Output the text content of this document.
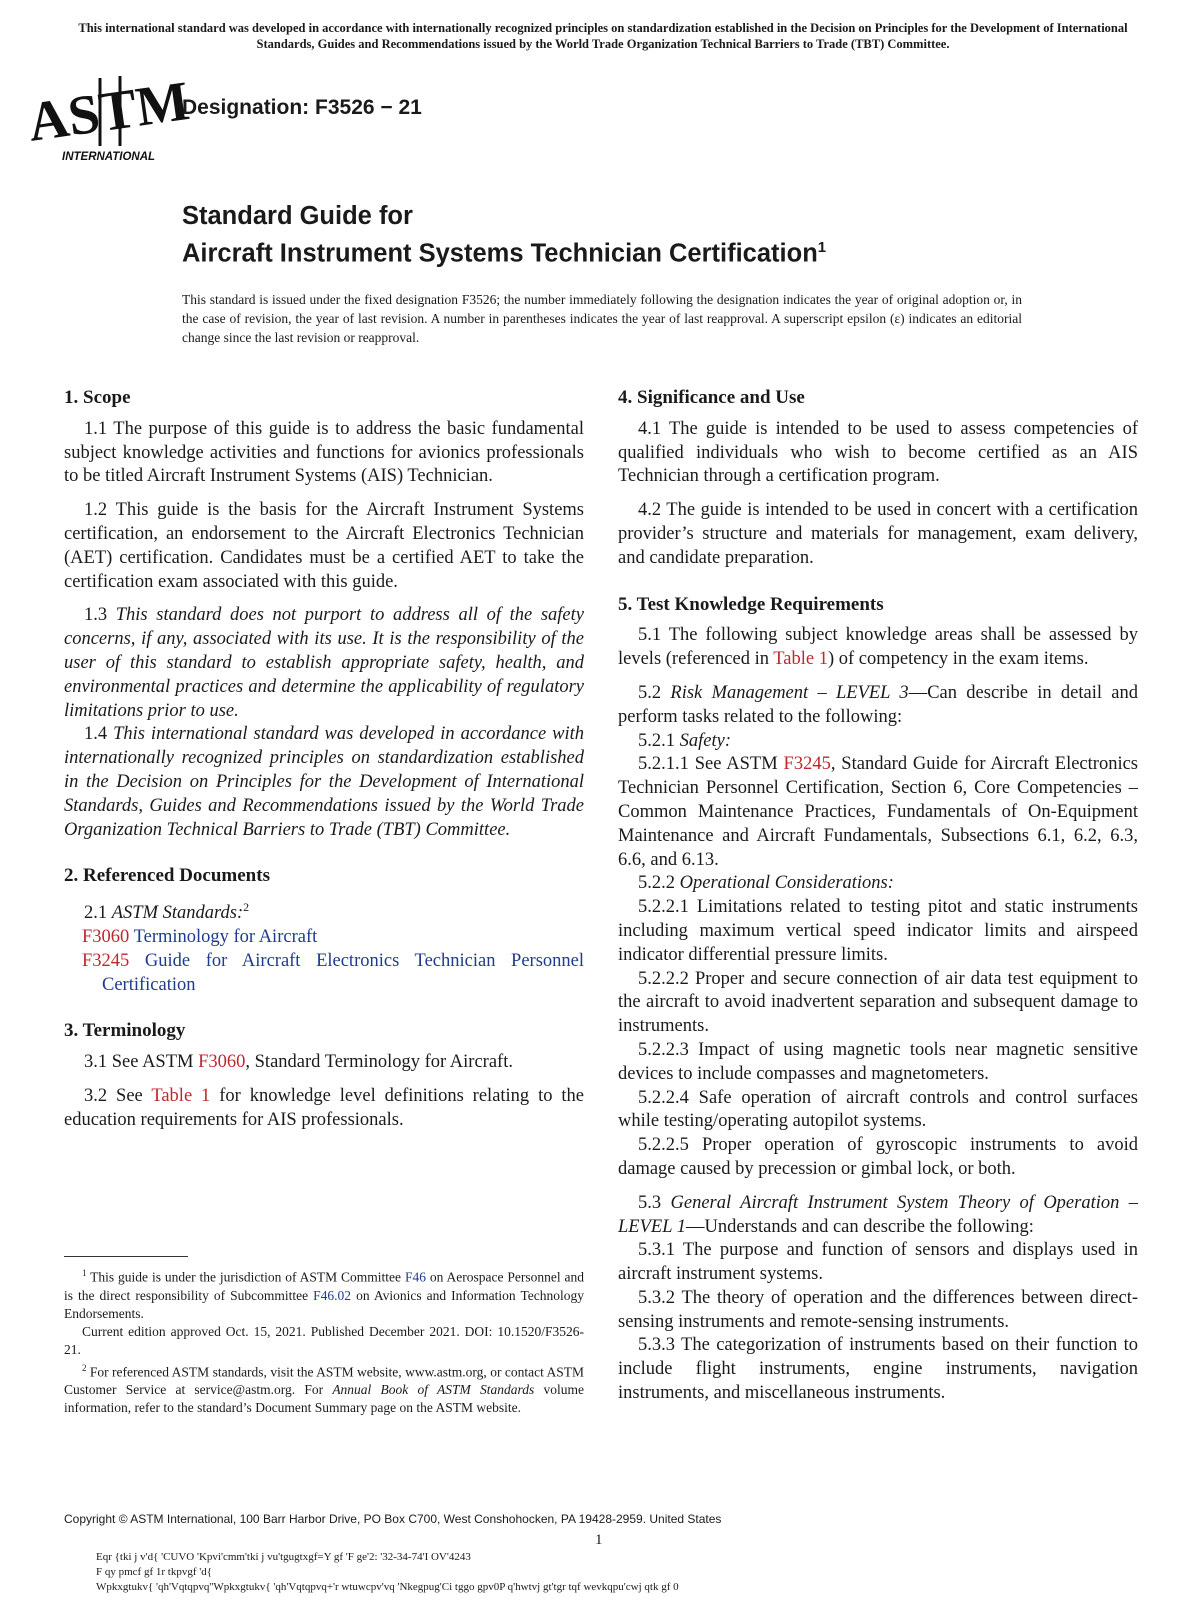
This international standard was developed in accordance with internationally recognized principles on standardization established in the Decision on Principles for the Development of International Standards, Guides and Recommendations issued by the World Trade Organization Technical Barriers to Trade (TBT) Committee.
ASTM
INTERNATIONAL
Designation: F3526 − 21
Standard Guide for
Aircraft Instrument Systems Technician Certification$^1$
This standard is issued under the fixed designation F3526; the number immediately following the designation indicates the year of original adoption or, in the case of revision, the year of last revision. A number in parentheses indicates the year of last reapproval. A superscript epsilon (ε) indicates an editorial change since the last revision or reapproval.
1. Scope

1.1 The purpose of this guide is to address the basic fundamental subject knowledge activities and functions for avionics professionals to be titled Aircraft Instrument Systems (AIS) Technician.

1.2 This guide is the basis for the Aircraft Instrument Systems certification, an endorsement to the Aircraft Electronics Technician (AET) certification. Candidates must be a certified AET to take the certification exam associated with this guide.

1.3 This standard does not purport to address all of the safety concerns, if any, associated with its use. It is the responsibility of the user of this standard to establish appropriate safety, health, and environmental practices and determine the applicability of regulatory limitations prior to use.

1.4 This international standard was developed in accordance with internationally recognized principles on standardization established in the Decision on Principles for the Development of International Standards, Guides and Recommendations issued by the World Trade Organization Technical Barriers to Trade (TBT) Committee.

2. Referenced Documents

2.1 ASTM Standards:$^2$

F3060 Terminology for Aircraft
F3245 Guide for Aircraft Electronics Technician Personnel Certification
3. Terminology

3.1 See ASTM F3060, Standard Terminology for Aircraft.

3.2 See Table 1 for knowledge level definitions relating to the education requirements for AIS professionals.

$^1$ This guide is under the jurisdiction of ASTM Committee F46 on Aerospace Personnel and is the direct responsibility of Subcommittee F46.02 on Avionics and Information Technology Endorsements.

Current edition approved Oct. 15, 2021. Published December 2021. DOI: 10.1520/F3526-21.

$^2$ For referenced ASTM standards, visit the ASTM website, www.astm.org, or contact ASTM Customer Service at service@astm.org. For Annual Book of ASTM Standards volume information, refer to the standard’s Document Summary page on the ASTM website.

4. Significance and Use

4.1 The guide is intended to be used to assess competencies of qualified individuals who wish to become certified as an AIS Technician through a certification program.

4.2 The guide is intended to be used in concert with a certification provider’s structure and materials for management, exam delivery, and candidate preparation.

5. Test Knowledge Requirements

5.1 The following subject knowledge areas shall be assessed by levels (referenced in Table 1) of competency in the exam items.

5.2 Risk Management – LEVEL 3—Can describe in detail and perform tasks related to the following:

5.2.1 Safety:

5.2.1.1 See ASTM F3245, Standard Guide for Aircraft Electronics Technician Personnel Certification, Section 6, Core Competencies – Common Maintenance Practices, Fundamentals of On-Equipment Maintenance and Aircraft Fundamentals, Subsections 6.1, 6.2, 6.3, 6.6, and 6.13.

5.2.2 Operational Considerations:

5.2.2.1 Limitations related to testing pitot and static instruments including maximum vertical speed indicator limits and airspeed indicator differential pressure limits.

5.2.2.2 Proper and secure connection of air data test equipment to the aircraft to avoid inadvertent separation and subsequent damage to instruments.

5.2.2.3 Impact of using magnetic tools near magnetic sensitive devices to include compasses and magnetometers.

5.2.2.4 Safe operation of aircraft controls and control surfaces while testing/operating autopilot systems.

5.2.2.5 Proper operation of gyroscopic instruments to avoid damage caused by precession or gimbal lock, or both.

5.3 General Aircraft Instrument System Theory of Operation – LEVEL 1—Understands and can describe the following:

5.3.1 The purpose and function of sensors and displays used in aircraft instrument systems.

5.3.2 The theory of operation and the differences between direct-sensing instruments and remote-sensing instruments.

5.3.3 The categorization of instruments based on their function to include flight instruments, engine instruments, navigation instruments, and miscellaneous instruments.

Copyright © ASTM International, 100 Barr Harbor Drive, PO Box C700, West Conshohocken, PA 19428-2959. United States
1
Eqr {tki j v'd{ 'CUVO 'Kpvi'cmm'tki j vu'tgugtxgf=Y gf 'F ge'2: '32-34-74'I OV'4243
F qy pmcf gf 1r tkpvgf 'd{
Wpkxgtukv{ 'qh'Vqtqpvq''Wpkxgtukv{ 'qh'Vqtqpvq+'r wtuwcpv'vq 'Nkegpug'Ci tggo gpv0P q'hwtvj gt'tgr tqf wevkqpu'cwj qtk gf 0
